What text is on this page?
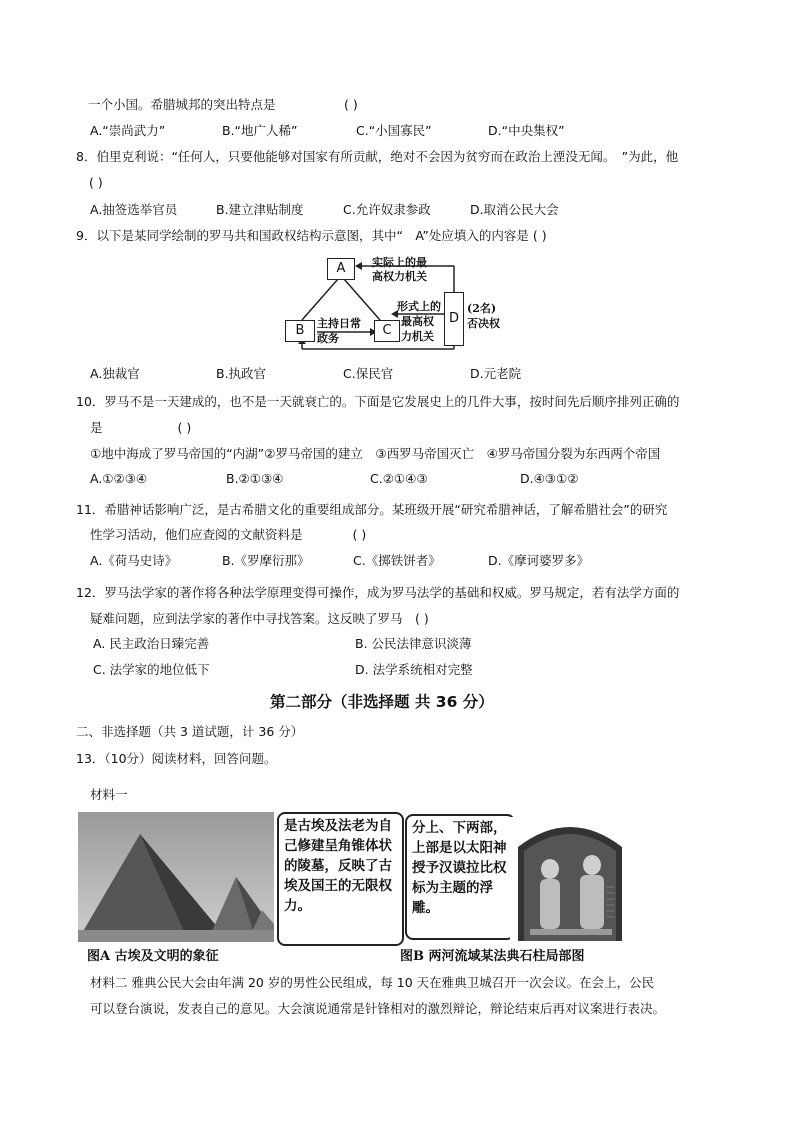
一个小国。希腊城邦的突出特点是	( )
A.“崇尚武力”	B.“地广人稀”	C.“小国寡民”	D.“中央集权”
8．伯里克利说：“任何人，只要他能够对国家有所贡献，绝对不会因为贫穷而在政治上湮没无闻。　”为此，他
( )
A.抽签选举官员	B.建立津贴制度	C.允许奴隶参政	D.取消公民大会
9．以下是某同学绘制的罗马共和国政权结构示意图，其中“　A”处应填入的内容是 ( )
A
B	C
D
实际上的最
高权力机关
主持日常
政务
形式上的
最高权
力机关
(2名)
否决权
A.独裁官	B.执政官	C.保民官	D.元老院
10．罗马不是一天建成的，也不是一天就衰亡的。下面是它发展史上的几件大事，按时间先后顺序排列正确的
是　　　　　　( )
①地中海成了罗马帝国的“内湖”②罗马帝国的建立　③西罗马帝国灭亡　④罗马帝国分裂为东西两个帝国
A.①②③④	B.②①③④	C.②①④③	D.④③①②
11．希腊神话影响广泛，是古希腊文化的重要组成部分。某班级开展“研究希腊神话，了解希腊社会”的研究
性学习活动，他们应查阅的文献资料是　　　　( )
A.《荷马史诗》	B.《罗摩衍那》	C.《掷铁饼者》	D.《摩诃婆罗多》
12．罗马法学家的著作将各种法学原理变得可操作，成为罗马法学的基础和权威。罗马规定，若有法学方面的
疑难问题，应到法学家的著作中寻找答案。这反映了罗马　( )
A. 民主政治日臻完善	B. 公民法律意识淡薄
C. 法学家的地位低下	D. 法学系统相对完整
第二部分（非选择题 共 36 分）
二、非选择题（共 3 道试题，计 36 分）
13．（10分）阅读材料，回答问题。
材料一
是古埃及法老为自己修建呈角锥体状的陵墓，反映了古埃及国王的无限权力。
分上、下两部，上部是以太阳神授予汉谟拉比权标为主题的浮雕。
图A 古埃及文明的象征	图B 两河流域某法典石柱局部图
材料二 雅典公民大会由年满 20 岁的男性公民组成，每 10 天在雅典卫城召开一次会议。在会上，公民
可以登台演说，发表自己的意见。大会演说通常是针锋相对的激烈辩论，辩论结束后再对议案进行表决。
